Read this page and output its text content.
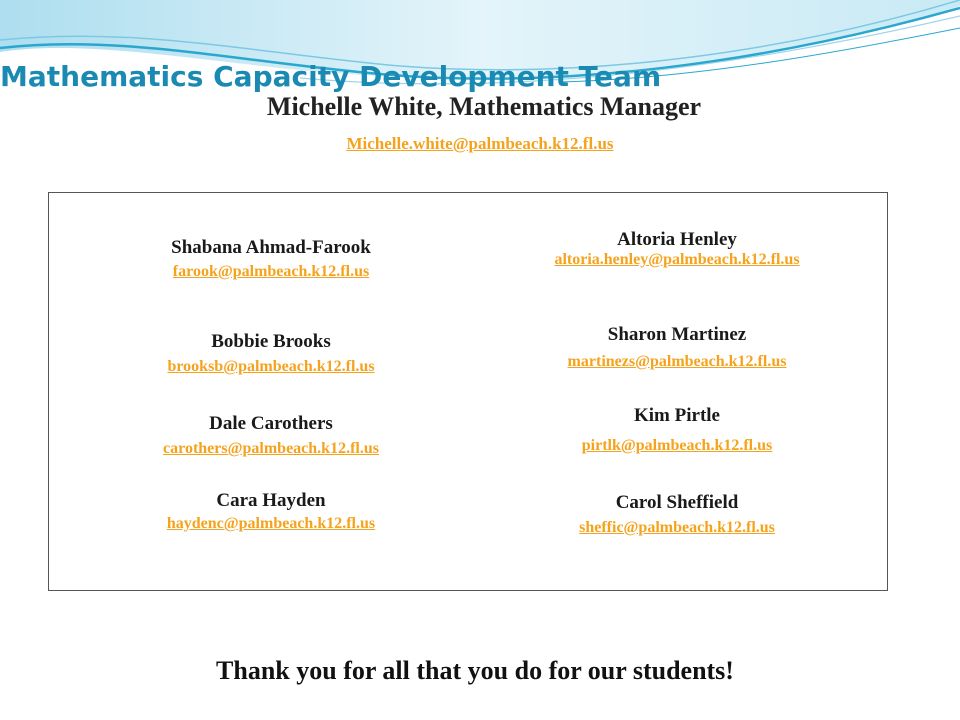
Mathematics Capacity Development Team
Michelle White, Mathematics Manager
Michelle.white@palmbeach.k12.fl.us
Shabana Ahmad-Farook
farook@palmbeach.k12.fl.us
Bobbie Brooks
brooksb@palmbeach.k12.fl.us
Dale Carothers
carothers@palmbeach.k12.fl.us
Cara Hayden
haydenc@palmbeach.k12.fl.us
Altoria Henley
altoria.henley@palmbeach.k12.fl.us
Sharon Martinez
martinezs@palmbeach.k12.fl.us
Kim Pirtle
pirtlk@palmbeach.k12.fl.us
Carol Sheffield
sheffic@palmbeach.k12.fl.us

Thank you for all that you do for our students!
